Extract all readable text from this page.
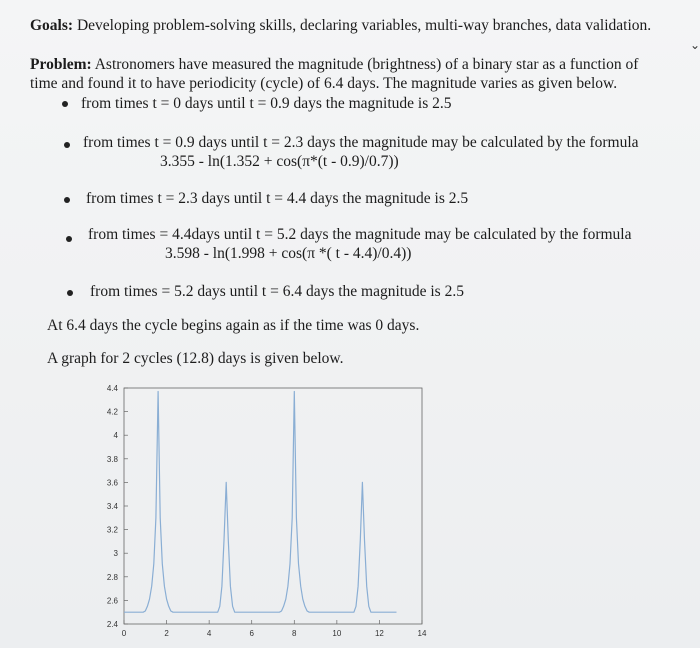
Goals: Developing problem-solving skills, declaring variables, multi-way branches, data validation.
⌄
Problem: Astronomers have measured the magnitude (brightness) of a binary star as a function of
time and found it to have periodicity (cycle) of 6.4 days. The magnitude varies as given below.
from times t = 0 days until t = 0.9 days the magnitude is 2.5
from times t = 0.9 days until t = 2.3 days the magnitude may be calculated by the formula
3.355 - ln(1.352 + cos(π*(t - 0.9)/0.7))
from times t = 2.3 days until t = 4.4 days the magnitude is 2.5
from times = 4.4days until t = 5.2 days the magnitude may be calculated by the formula
3.598 - ln(1.998 + cos(π *( t - 4.4)/0.4))
from times = 5.2 days until t = 6.4 days the magnitude is 2.5
At 6.4 days the cycle begins again as if the time was 0 days.
A graph for 2 cycles (12.8) days is given below.
2.4
2.6
2.8
3
3.2
3.4
3.6
3.8
4
4.2
4.4
0	2	4	6	8	10	12	14
